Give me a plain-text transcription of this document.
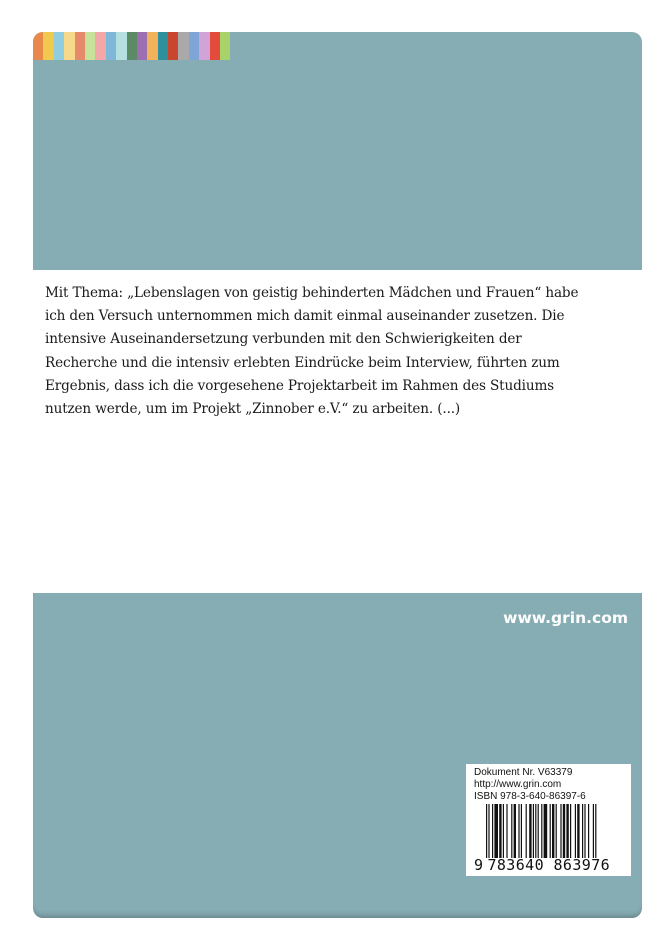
Mit Thema: „Lebenslagen von geistig behinderten Mädchen und Frauen“ habe
ich den Versuch unternommen mich damit einmal auseinander zusetzen. Die
intensive Auseinandersetzung verbunden mit den Schwierigkeiten der
Recherche und die intensiv erlebten Eindrücke beim Interview, führten zum
Ergebnis, dass ich die vorgesehene Projektarbeit im Rahmen des Studiums
nutzen werde, um im Projekt „Zinnober e.V.“ zu arbeiten. (...)
www.grin.com
Dokument Nr. V63379
http://www.grin.com
ISBN 978-3-640-86397-6
9 783640 863976
